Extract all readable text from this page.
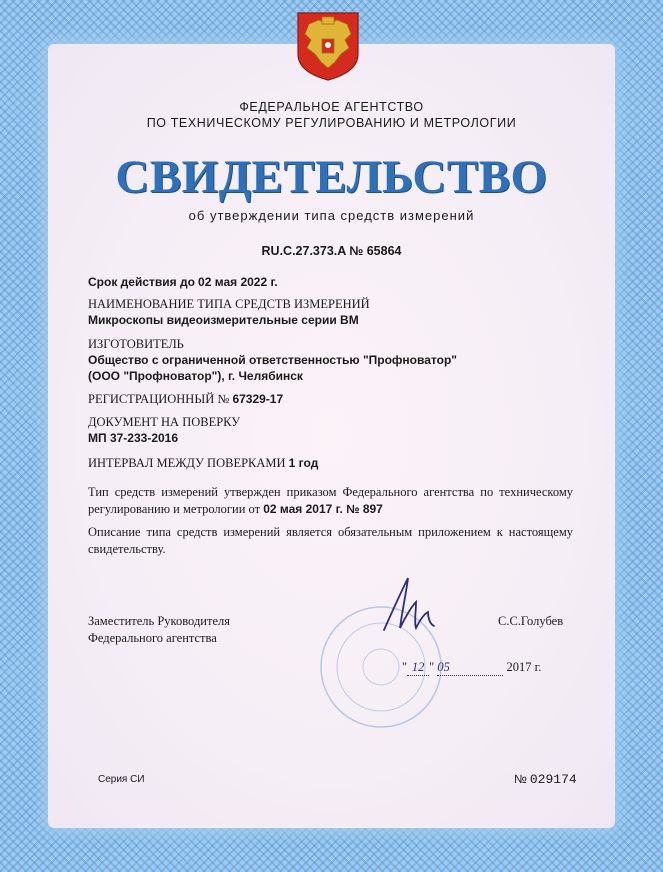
ФЕДЕРАЛЬНОЕ АГЕНТСТВО
ПО ТЕХНИЧЕСКОМУ РЕГУЛИРОВАНИЮ И МЕТРОЛОГИИ
СВИДЕТЕЛЬСТВО
об утверждении типа средств измерений
RU.C.27.373.A № 65864
Срок действия до 02 мая 2022 г.
НАИМЕНОВАНИЕ ТИПА СРЕДСТВ ИЗМЕРЕНИЙ
Микроскопы видеоизмерительные серии BM
ИЗГОТОВИТЕЛЬ
Общество с ограниченной ответственностью "Профноватор"
(ООО "Профноватор"), г. Челябинск
РЕГИСТРАЦИОННЫЙ № 67329-17
ДОКУМЕНТ НА ПОВЕРКУ
МП 37-233-2016
ИНТЕРВАЛ МЕЖДУ ПОВЕРКАМИ 1 год
Тип средств измерений утвержден приказом Федерального агентства по техническому регулированию и метрологии от 02 мая 2017 г. № 897
Описание типа средств измерений является обязательным приложением к настоящему свидетельству.
Заместитель Руководителя
Федерального агентства
С.С.Голубев
" 12 " 05	2017 г.
Серия СИ	№ 029174
